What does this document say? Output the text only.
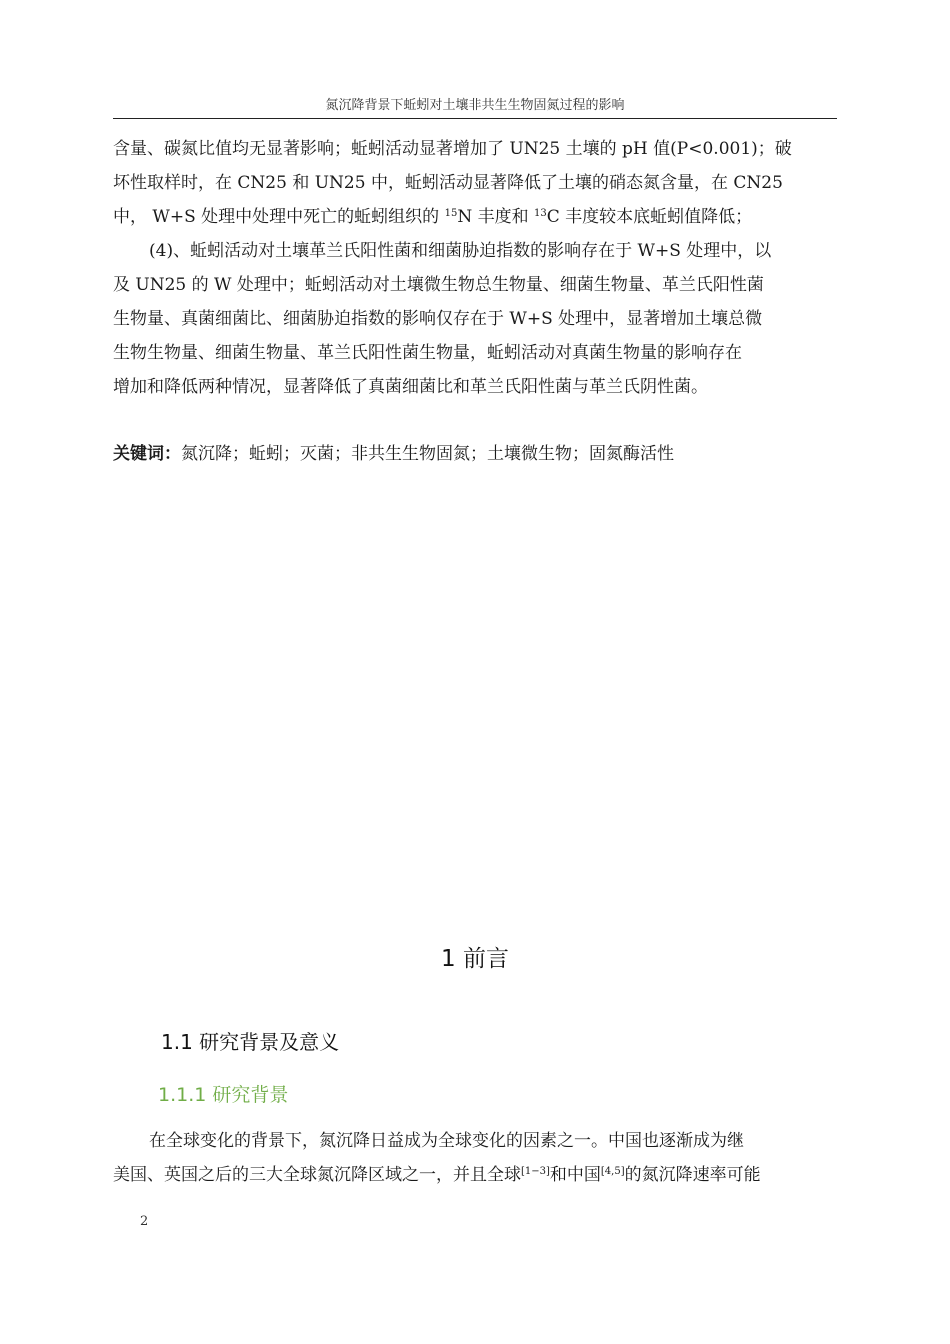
氮沉降背景下蚯蚓对土壤非共生生物固氮过程的影响

含量、碳氮比值均无显著影响；蚯蚓活动显著增加了 UN25 土壤的 pH 值(P<0.001)；破

坏性取样时，在 CN25 和 UN25 中，蚯蚓活动显著降低了土壤的硝态氮含量，在 CN25

中， W+S 处理中处理中死亡的蚯蚓组织的 $^{15}$N 丰度和 $^{13}$C 丰度较本底蚯蚓值降低；

(4)、蚯蚓活动对土壤革兰氏阳性菌和细菌胁迫指数的影响存在于 W+S 处理中，以

及 UN25 的 W 处理中；蚯蚓活动对土壤微生物总生物量、细菌生物量、革兰氏阳性菌

生物量、真菌细菌比、细菌胁迫指数的影响仅存在于 W+S 处理中，显著增加土壤总微

生物生物量、细菌生物量、革兰氏阳性菌生物量，蚯蚓活动对真菌生物量的影响存在

增加和降低两种情况，显著降低了真菌细菌比和革兰氏阳性菌与革兰氏阴性菌。

关键词：氮沉降；蚯蚓；灭菌；非共生生物固氮；土壤微生物；固氮酶活性

1 前言
1.1 研究背景及意义
1.1.1 研究背景

在全球变化的背景下，氮沉降日益成为全球变化的因素之一。中国也逐渐成为继

美国、英国之后的三大全球氮沉降区域之一，并且全球[1−3]和中国[4,5]的氮沉降速率可能

2
